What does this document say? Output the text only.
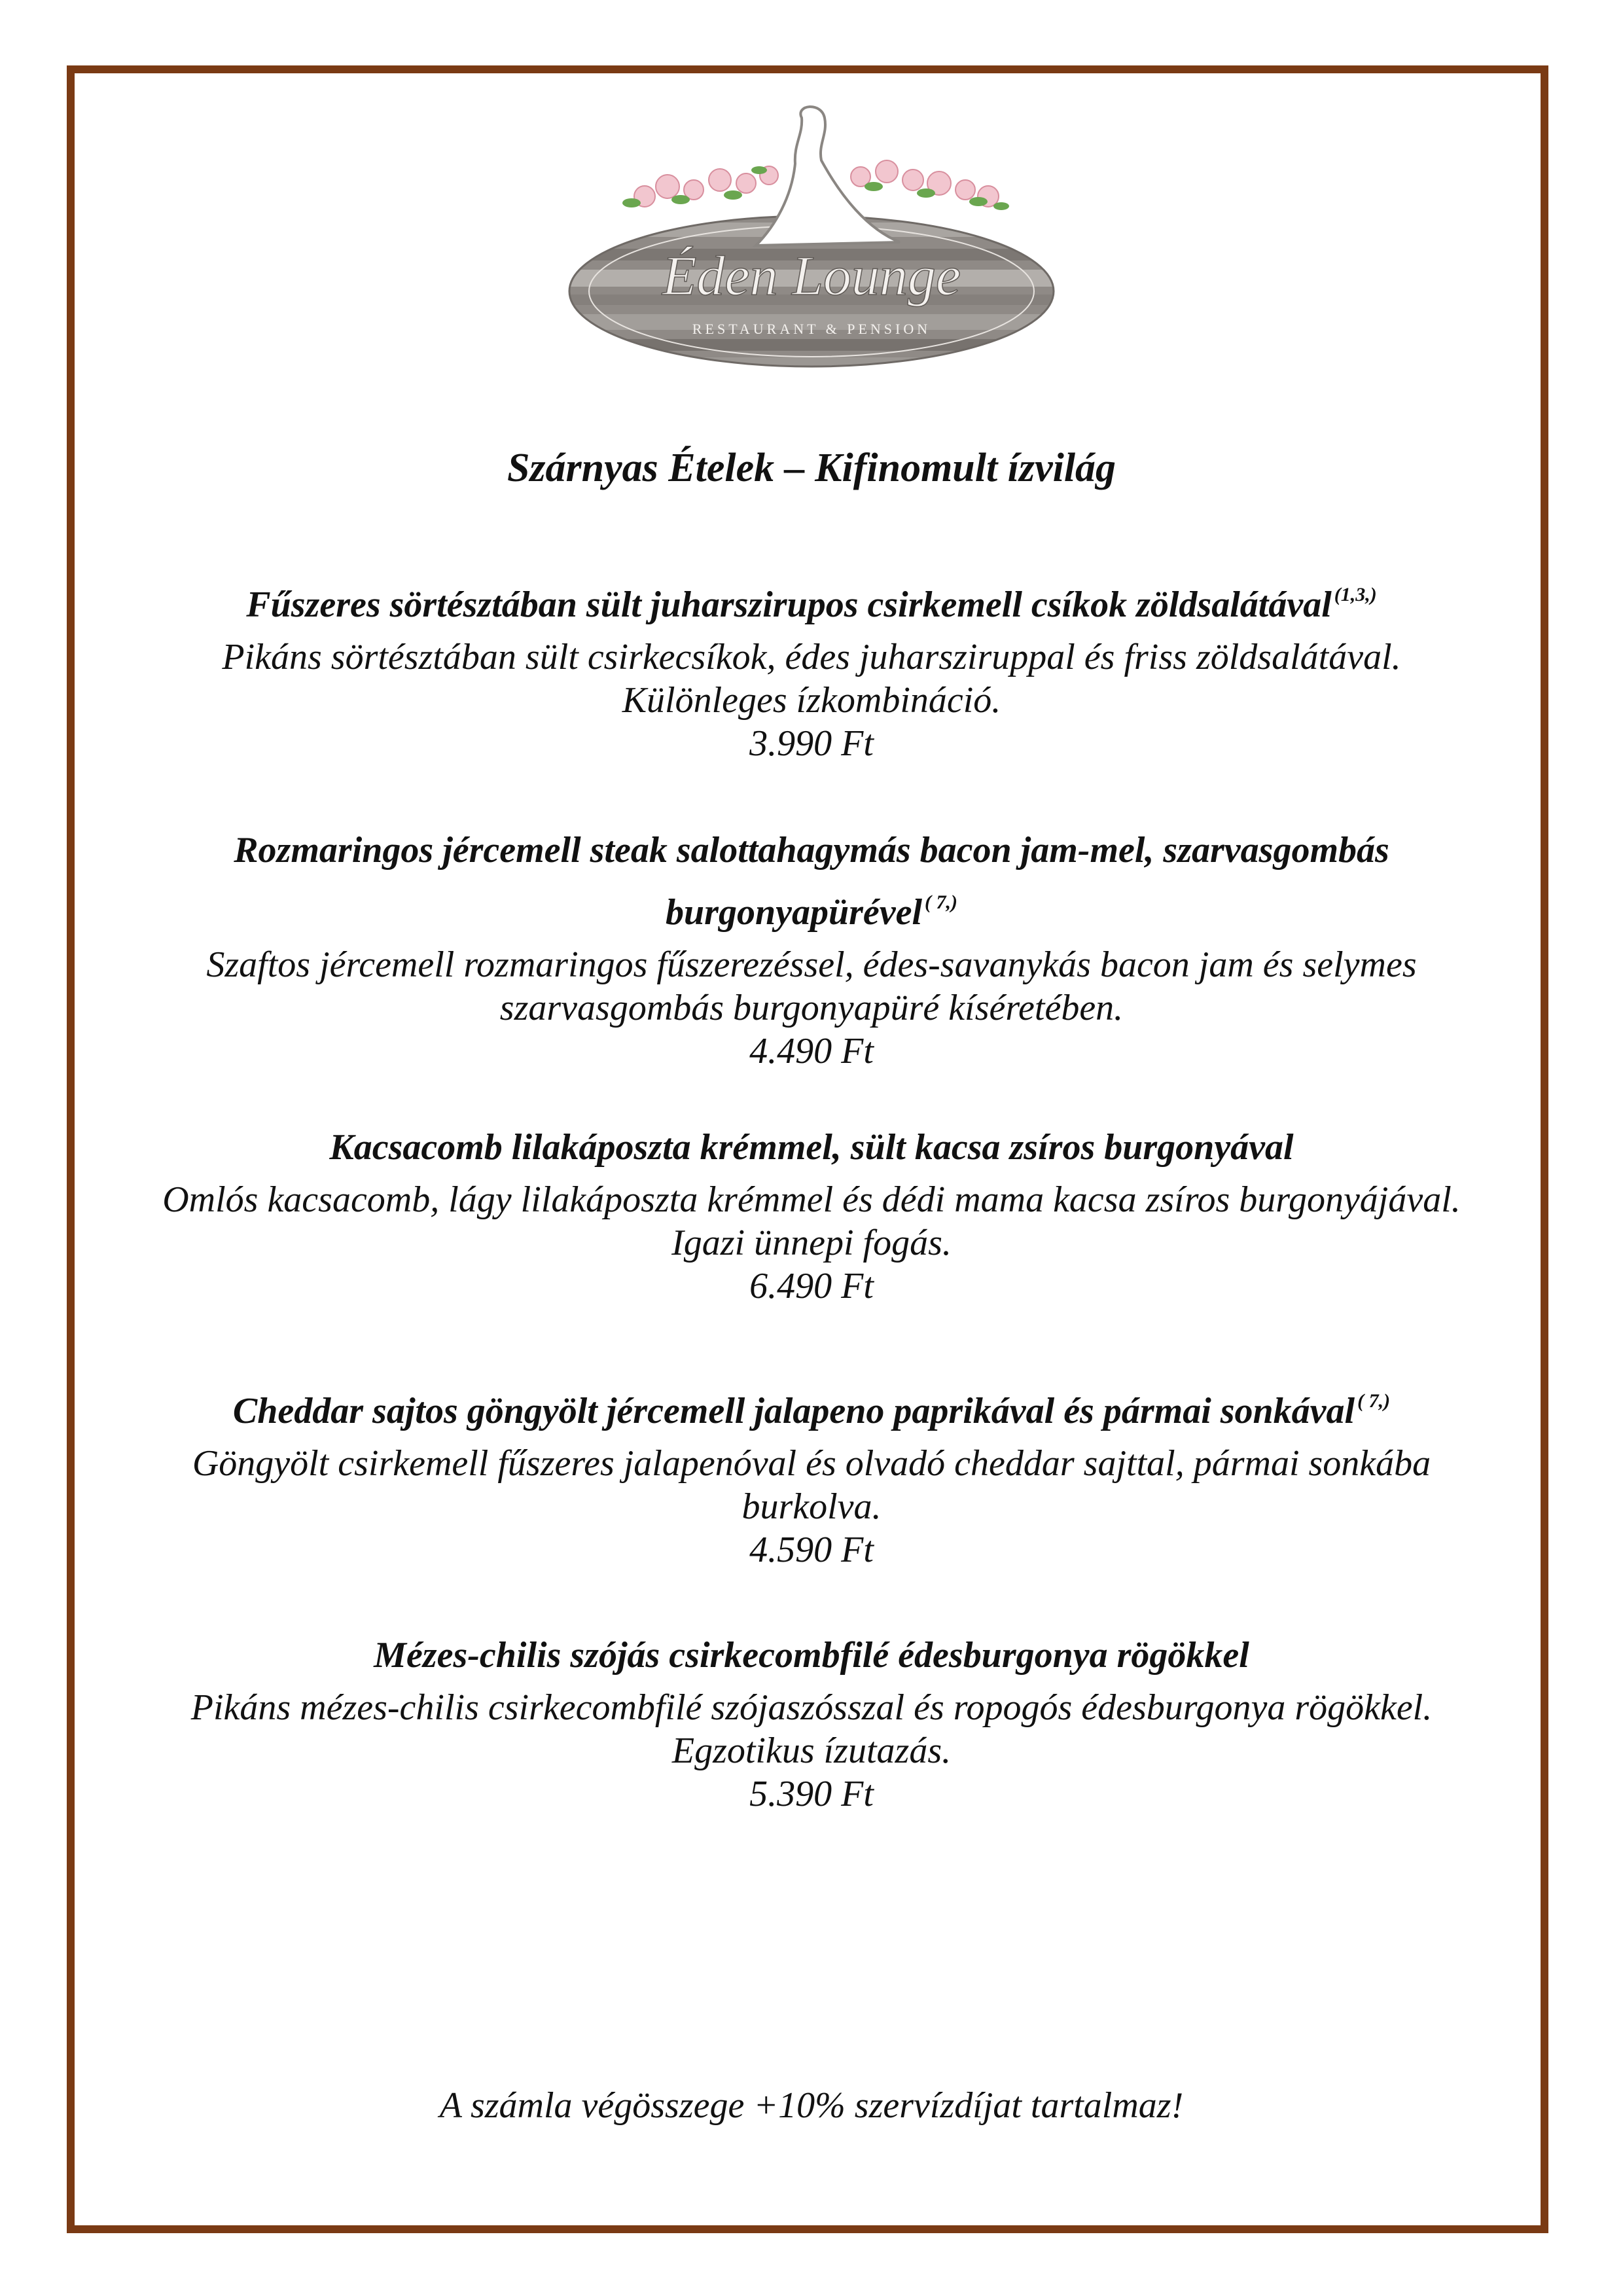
Éden Lounge
RESTAURANT & PENSION
Szárnyas Ételek – Kifinomult ízvilág
Fűszeres sörtésztában sült juharszirupos csirkemell csíkok zöldsalátával (1,3,)
Pikáns sörtésztában sült csirkecsíkok, édes juharsziruppal és friss zöldsalátával. Különleges ízkombináció.
3.990 Ft
Rozmaringos jércemell steak salottahagymás bacon jam-mel, szarvasgombás burgonyapürével ( 7,)
Szaftos jércemell rozmaringos fűszerezéssel, édes-savanykás bacon jam és selymes szarvasgombás burgonyapüré kíséretében.
4.490 Ft
Kacsacomb lilakáposzta krémmel, sült kacsa zsíros burgonyával
Omlós kacsacomb, lágy lilakáposzta krémmel és dédi mama kacsa zsíros burgonyájával. Igazi ünnepi fogás.
6.490 Ft
Cheddar sajtos göngyölt jércemell jalapeno paprikával és pármai sonkával ( 7,)
Göngyölt csirkemell fűszeres jalapenóval és olvadó cheddar sajttal, pármai sonkába burkolva.
4.590 Ft
Mézes-chilis szójás csirkecombfilé édesburgonya rögökkel
Pikáns mézes-chilis csirkecombfilé szójaszósszal és ropogós édesburgonya rögökkel. Egzotikus ízutazás.
5.390 Ft
A számla végösszege +10% szervízdíjat tartalmaz!
